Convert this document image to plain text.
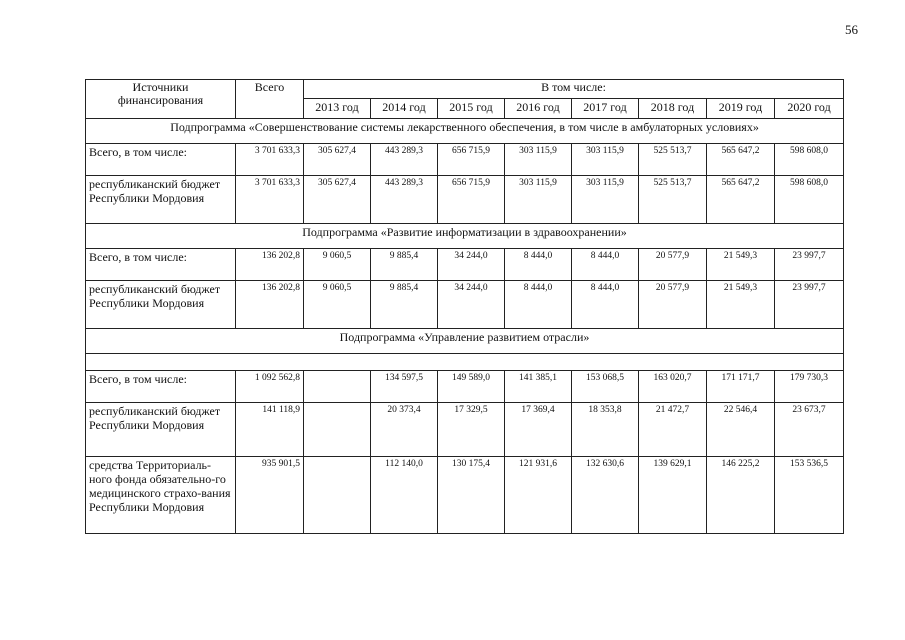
56
Источники финансирования	Всего	В том числе:							
		2013 год	2014 год	2015 год	2016 год	2017 год	2018 год	2019 год	2020 год
Подпрограмма «Совершенствование системы лекарственного обеспечения, в том числе в амбулаторных условиях»									
Всего, в том числе:	3 701 633,3	305 627,4	443 289,3	656 715,9	303 115,9	303 115,9	525 513,7	565 647,2	598 608,0
республиканский бюджет Республики Мордовия	3 701 633,3	305 627,4	443 289,3	656 715,9	303 115,9	303 115,9	525 513,7	565 647,2	598 608,0
Подпрограмма «Развитие информатизации в здравоохранении»									
Всего, в том числе:	136 202,8	9 060,5	9 885,4	34 244,0	8 444,0	8 444,0	20 577,9	21 549,3	23 997,7
республиканский бюджет Республики Мордовия	136 202,8	9 060,5	9 885,4	34 244,0	8 444,0	8 444,0	20 577,9	21 549,3	23 997,7
Подпрограмма «Управление развитием отрасли»									

Всего, в том числе:	1 092 562,8		134 597,5	149 589,0	141 385,1	153 068,5	163 020,7	171 171,7	179 730,3
республиканский бюджет Республики Мордовия	141 118,9		20 373,4	17 329,5	17 369,4	18 353,8	21 472,7	22 546,4	23 673,7
средства Территориаль-ного фонда обязательно-го медицинского страхо-вания Республики Мордовия	935 901,5		112 140,0	130 175,4	121 931,6	132 630,6	139 629,1	146 225,2	153 536,5
